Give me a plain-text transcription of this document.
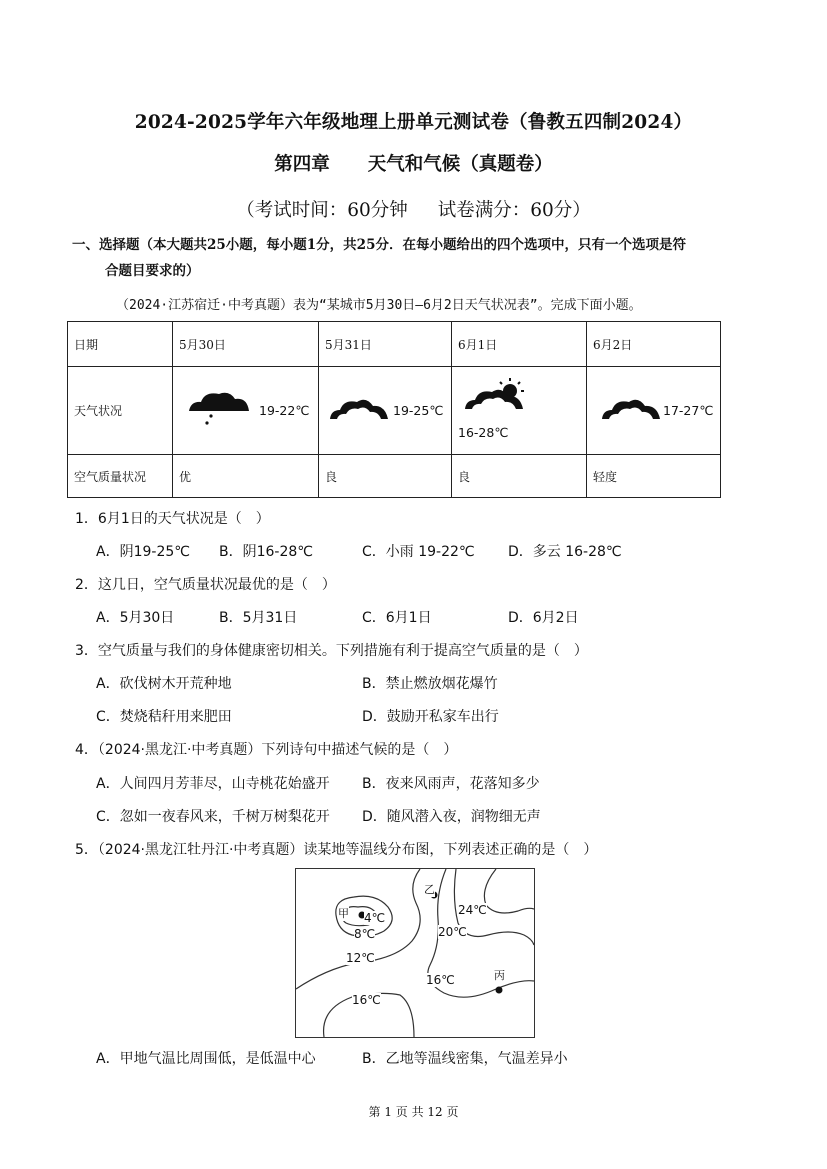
2024-2025学年六年级地理上册单元测试卷（鲁教五四制2024）
第四章 天气和气候（真题卷）
（考试时间：60分钟 试卷满分：60分）
一、选择题（本大题共25小题，每小题1分，共25分．在每小题给出的四个选项中，只有一个选项是符
合题目要求的）
（2024·江苏宿迁·中考真题）表为“某城市5月30日—6月2日天气状况表”。完成下面小题。
日期	5月30日	5月31日	6月1日	6月2日
天气状况	19-22℃	19-25℃	16-28℃	17-27℃

空气质量状况	优	良	良	轻度
1．6月1日的天气状况是（　）
A．阴19-25℃ B．阴16-28℃	C．小雨 19-22℃ D．多云 16-28℃
2．这几日，空气质量状况最优的是（　）
A．5月30日	B．5月31日	C．6月1日	D．6月2日
3．空气质量与我们的身体健康密切相关。下列措施有利于提高空气质量的是（　）
A．砍伐树木开荒种地	B．禁止燃放烟花爆竹
C．焚烧秸秆用来肥田	D．鼓励开私家车出行
4．（2024·黑龙江·中考真题）下列诗句中描述气候的是（　）
A．人间四月芳菲尽，山寺桃花始盛开 B．夜来风雨声，花落知多少
C．忽如一夜春风来，千树万树梨花开 D．随风潜入夜，润物细无声
5．（2024·黑龙江牡丹江·中考真题）读某地等温线分布图，下列表述正确的是（　）
甲
乙
丙
4℃
8℃
12℃
16℃
16℃
20℃
24℃
A．甲地气温比周围低，是低温中心	B．乙地等温线密集，气温差异小
第 1 页 共 12 页
